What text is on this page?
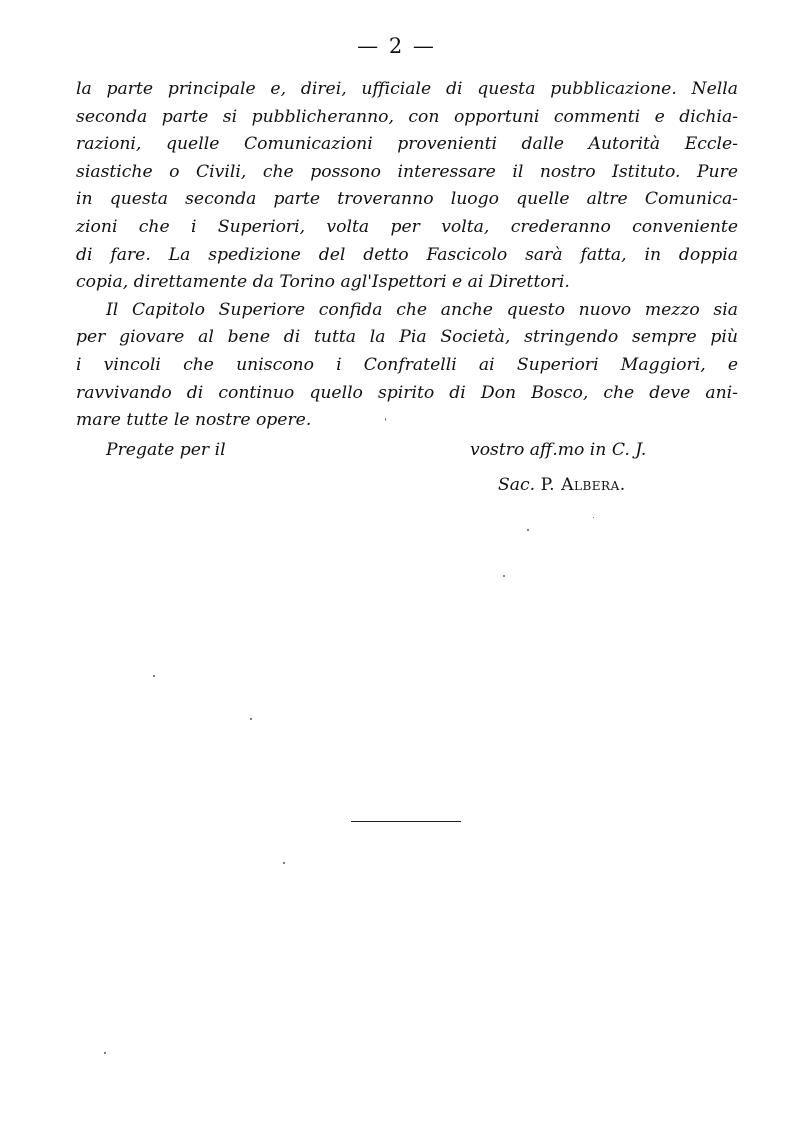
— 2 —
la parte principale e, direi, ufficiale di questa pubblicazione. Nella
seconda parte si pubblicheranno, con opportuni commenti e dichia-
razioni, quelle Comunicazioni provenienti dalle Autorità Eccle-
siastiche o Civili, che possono interessare il nostro Istituto. Pure
in questa seconda parte troveranno luogo quelle altre Comunica-
zioni che i Superiori, volta per volta, crederanno conveniente
di fare. La spedizione del detto Fascicolo sarà fatta, in doppia
copia, direttamente da Torino agl'Ispettori e ai Direttori.
Il Capitolo Superiore confida che anche questo nuovo mezzo sia
per giovare al bene di tutta la Pia Società, stringendo sempre più
i vincoli che uniscono i Confratelli ai Superiori Maggiori, e
ravvivando di continuo quello spirito di Don Bosco, che deve ani-
mare tutte le nostre opere.
Pregate per il	vostro aff.mo in C. J.
Sac. P. Albera.
